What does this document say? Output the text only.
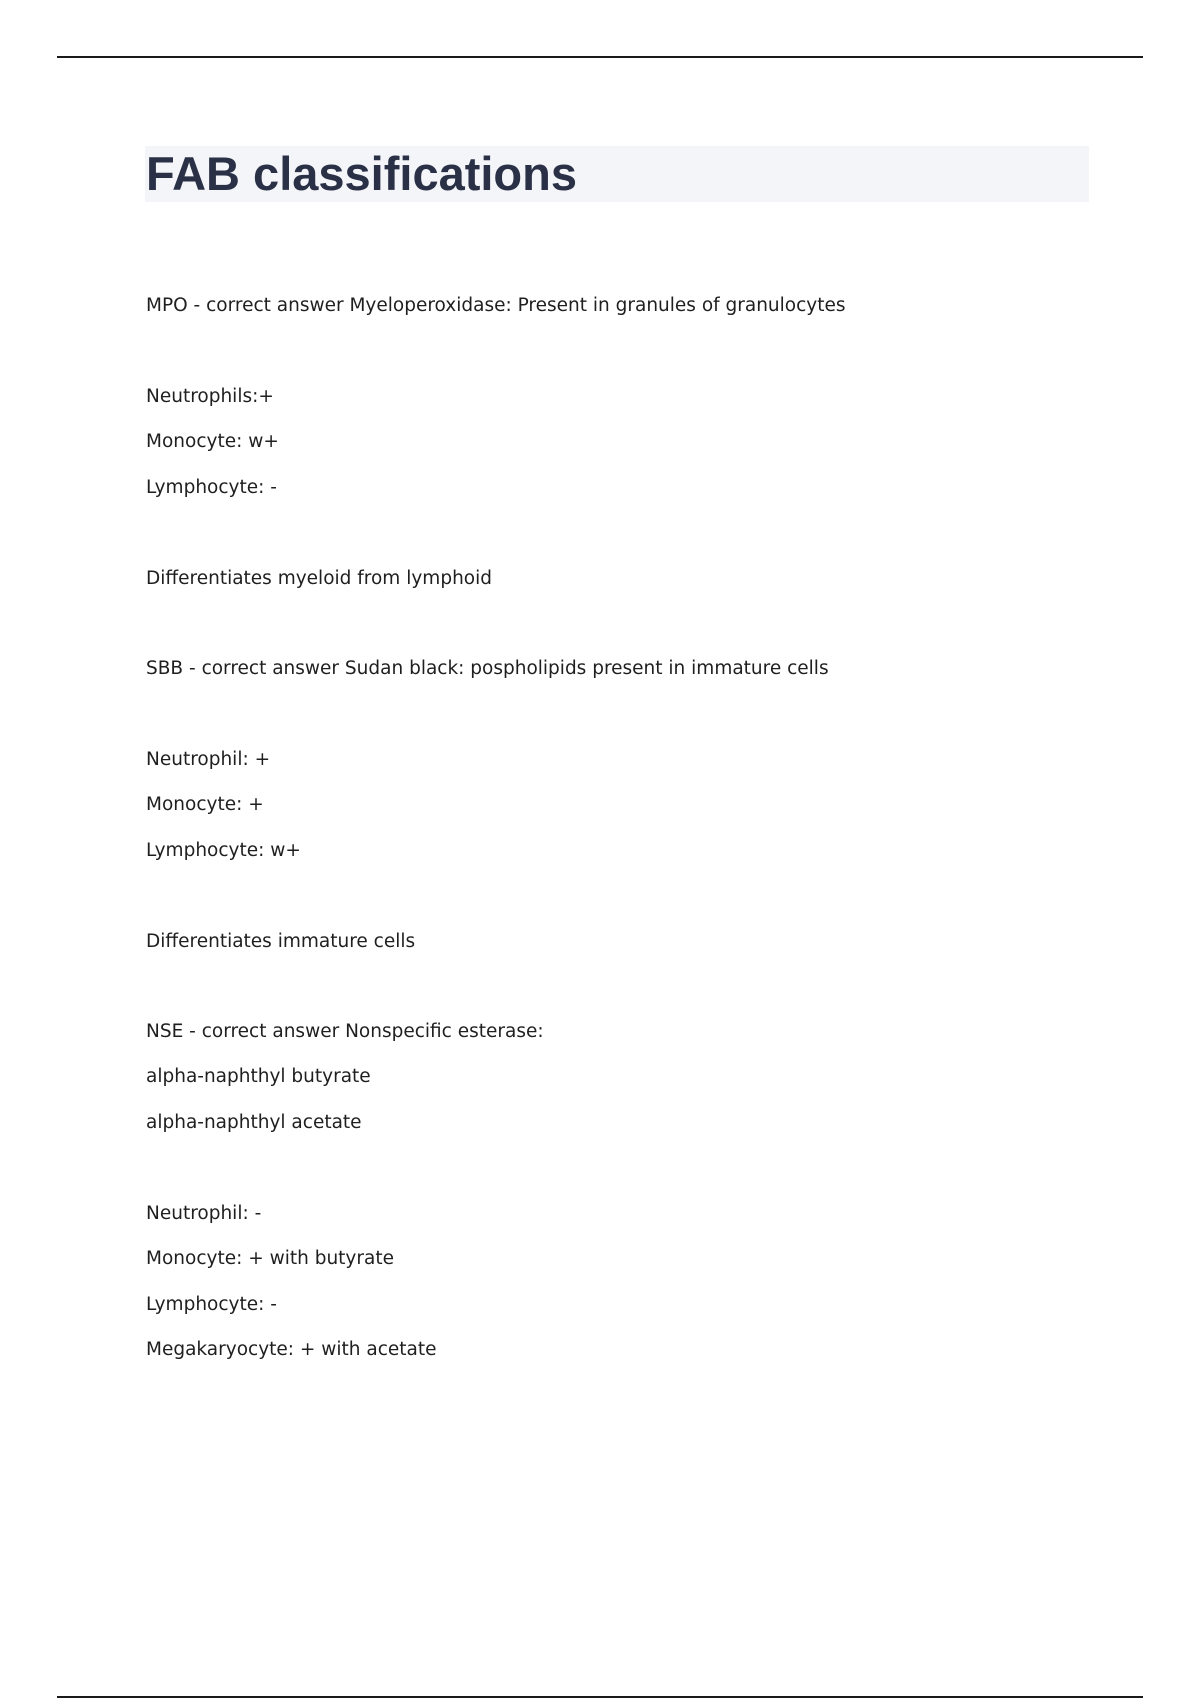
FAB classifications

MPO - correct answer Myeloperoxidase: Present in granules of granulocytes

Neutrophils:+

Monocyte: w+

Lymphocyte: -

Differentiates myeloid from lymphoid

SBB - correct answer Sudan black: pospholipids present in immature cells

Neutrophil: +

Monocyte: +

Lymphocyte: w+

Differentiates immature cells

NSE - correct answer Nonspecific esterase:

alpha-naphthyl butyrate

alpha-naphthyl acetate

Neutrophil: -

Monocyte: + with butyrate

Lymphocyte: -

Megakaryocyte: + with acetate
